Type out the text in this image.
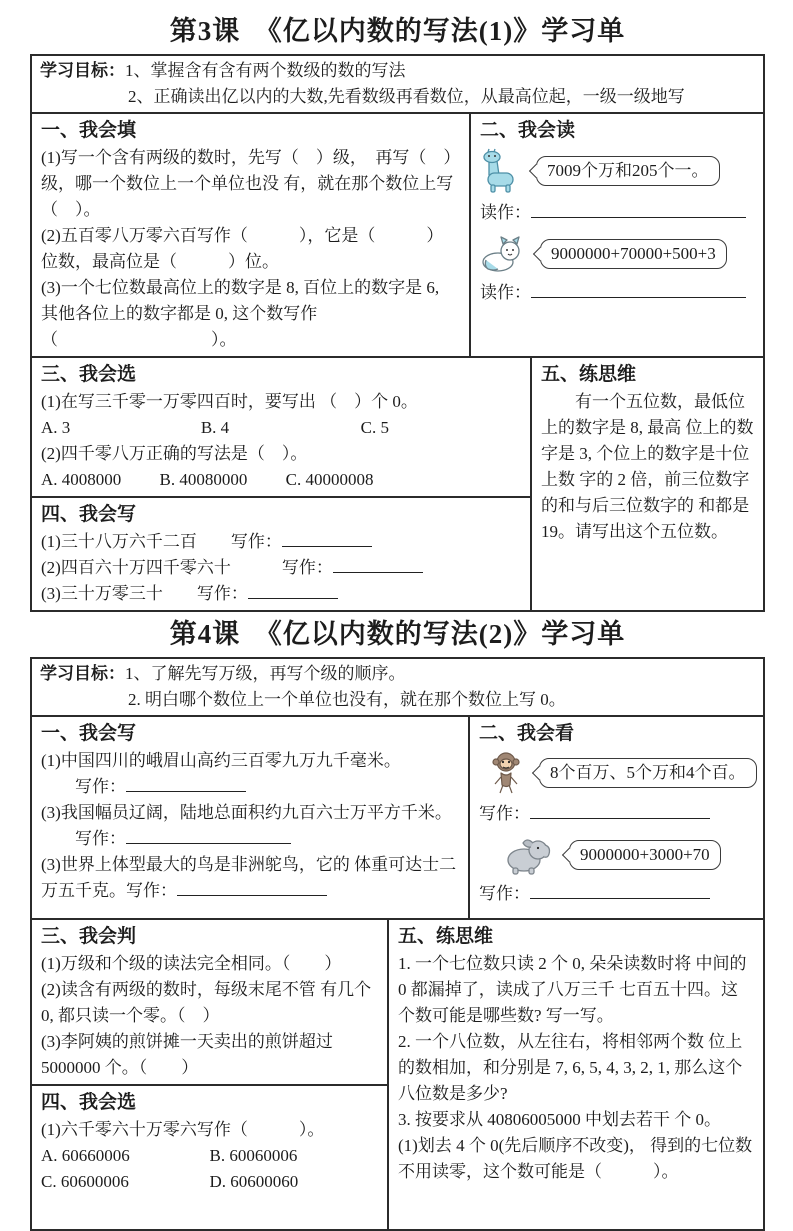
第3课　《亿以内数的写法(1)》学习单

学习目标：1、掌握含有含有两个数级的数的写法

2、正确读出亿以内的大数,先看数级再看数位，从最高位起，一级一级地写

一、我会填

(1)写一个含有两级的数时，先写（　）级，　再写（　）级，哪一个数位上一个单位也没 有，就在那个数位上写（　）。

(2)五百零八万零六百写作（　　　），它是（　　　）位数，最高位是（　　　）位。

(3)一个七位数最高位上的数字是 8, 百位上的数字是 6, 其他各位上的数字都是 0, 这个数写作（　　　　　　　　　）。

二、我会读
7009个万和205个一。

读作：

9000000+70000+500+3

读作：

三、我会选

(1)在写三千零一万零四百时，要写出 （　）个 0。

A. 3	B. 4	C. 5

(2)四千零八万正确的写法是（　）。

A. 4008000 B. 40080000 C. 40000008
四、我会写

(1)三十八万六千二百　　写作：

(2)四百六十万四千零六十　　　写作：

(3)三十万零三十　　写作：

五、练思维

有一个五位数，最低位上的数字是 8, 最高 位上的数字是 3, 个位上的数字是十位上数 字的 2 倍，前三位数字的和与后三位数字的 和都是 19。请写出这个五位数。

第4课　《亿以内数的写法(2)》学习单

学习目标：1、了解先写万级，再写个级的顺序。

2. 明白哪个数位上一个单位也没有，就在那个数位上写 0。

一、我会写

(1)中国四川的峨眉山高约三百零九万九千毫米。

写作：

(3)我国幅员辽阔，陆地总面积约九百六士万平方千米。

写作：

(3)世界上体型最大的鸟是非洲鸵鸟，它的 体重可达士二万五千克。写作：

二、我会看
8个百万、5个万和4个百。

写作：

9000000+3000+70

写作：

三、我会判

(1)万级和个级的读法完全相同。（　　）

(2)读含有两级的数时，每级末尾不管 有几个 0, 都只读一个零。（　）

(3)李阿姨的煎饼摊一天卖出的煎饼超过 5000000 个。（　　）

四、我会选

(1)六千零六十万零六写作（　　　）。

A. 60660006	B. 60060006
C. 60600006	D. 60600060
五、练思维

1. 一个七位数只读 2 个 0, 朵朵读数时将 中间的 0 都漏掉了，读成了八万三千 七百五十四。这个数可能是哪些数? 写一写。

2. 一个八位数，从左往右，将相邻两个数 位上的数相加，和分别是 7, 6, 5, 4, 3, 2, 1, 那么这个八位数是多少?

3. 按要求从 40806005000 中划去若干 个 0。

(1)划去 4 个 0(先后顺序不改变)， 得到的七位数不用读零，这个数可能是（　　　）。
